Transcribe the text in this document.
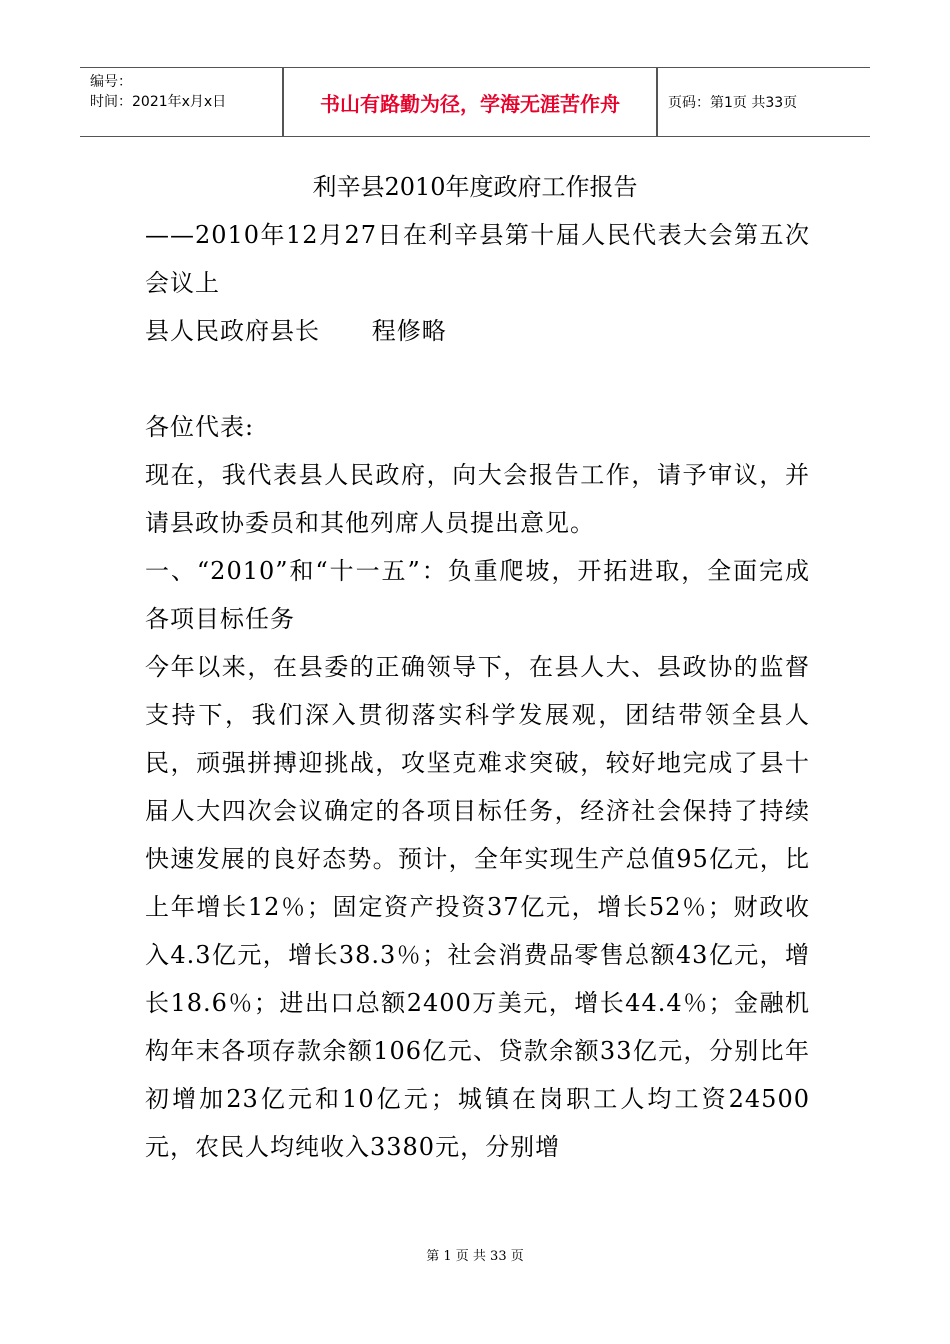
编号：
时间：2021年x月x日	书山有路勤为径，学海无涯苦作舟	页码：第1页 共33页
利辛县2010年度政府工作报告

——2010年12月27日在利辛县第十届人民代表大会第五次会议上

县人民政府县长      程修略

各位代表:

现在，我代表县人民政府，向大会报告工作，请予审议，并请县政协委员和其他列席人员提出意见。

一、“2010”和“十一五”：负重爬坡，开拓进取，全面完成各项目标任务

今年以来，在县委的正确领导下，在县人大、县政协的监督支持下，我们深入贯彻落实科学发展观，团结带领全县人民，顽强拼搏迎挑战，攻坚克难求突破，较好地完成了县十届人大四次会议确定的各项目标任务，经济社会保持了持续快速发展的良好态势。预计，全年实现生产总值95亿元，比上年增长12％；固定资产投资37亿元，增长52％；财政收入4.3亿元，增长38.3％；社会消费品零售总额43亿元，增长18.6％；进出口总额2400万美元，增长44.4％；金融机构年末各项存款余额106亿元、贷款余额33亿元，分别比年初增加23亿元和10亿元；城镇在岗职工人均工资24500元，农民人均纯收入3380元，分别增

第 1 页 共 33 页
